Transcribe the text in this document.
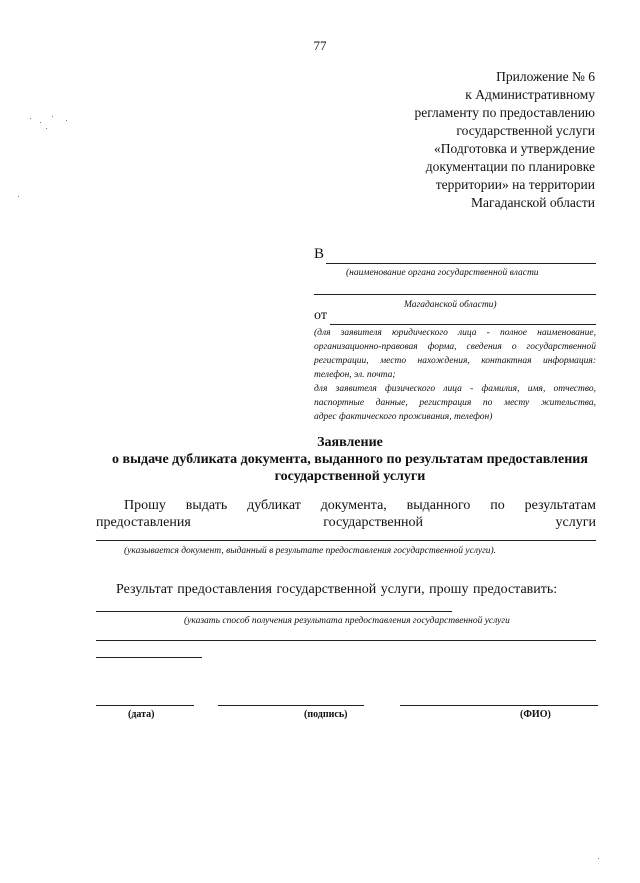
77
Приложение № 6
к Административному
регламенту по предоставлению
государственной услуги
«Подготовка и утверждение
документации по планировке
территории» на территории
Магаданской области
В
(наименование органа государственной власти
Магаданской области)
от
(для заявителя юридического лица - полное наименование,
организационно-правовая форма, сведения о государственной
регистрации, место нахождения, контактная информация:
телефон, эл. почта;
для заявителя физического лица - фамилия, имя, отчество,
паспортные данные, регистрация по месту жительства,
адрес фактического проживания, телефон)
Заявление
о выдаче дубликата документа, выданного по результатам предоставления
государственной услуги
Прошу выдать дубликат документа, выданного по результатам
предоставления	государственной	услуги
(указывается документ, выданный в результате предоставления государственной услуги).
Результат предоставления государственной услуги, прошу предоставить:
(указать способ получения результата предоставления государственной услуги
(дата)	(подпись)	(ФИО)
